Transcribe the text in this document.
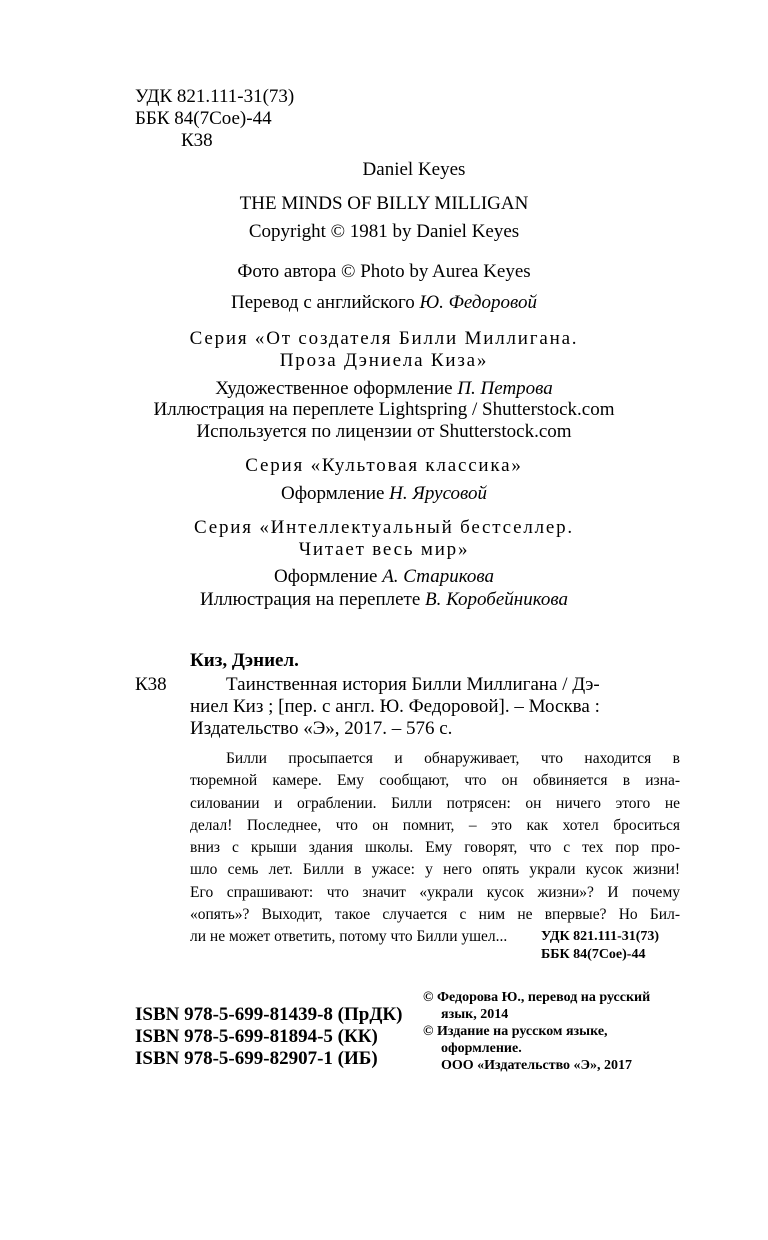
УДК 821.111-31(73)
ББК 84(7Сое)-44
К38
Daniel Keyes
THE MINDS OF BILLY MILLIGAN
Copyright © 1981 by Daniel Keyes
Фото автора © Photo by Aurea Keyes
Перевод с английского Ю. Федоровой
Серия «От создателя Билли Миллигана.
Проза Дэниела Киза»
Художественное оформление П. Петрова
Иллюстрация на переплете Lightspring / Shutterstock.com
Используется по лицензии от Shutterstock.com
Серия «Культовая классика»
Оформление Н. Ярусовой
Серия «Интеллектуальный бестселлер.
Читает весь мир»
Оформление А. Старикова
Иллюстрация на переплете В. Коробейникова
Киз, Дэниел.
К38	Таинственная история Билли Миллигана / Дэ-
ниел Киз ; [пер. с англ. Ю. Федоровой]. – Москва :
Издательство «Э», 2017. – 576 с.
Билли просыпается и обнаруживает, что находится в
тюремной камере. Ему сообщают, что он обвиняется в изна-
силовании и ограблении. Билли потрясен: он ничего этого не
делал! Последнее, что он помнит, – это как хотел броситься
вниз с крыши здания школы. Ему говорят, что с тех пор про-
шло семь лет. Билли в ужасе: у него опять украли кусок жизни!
Его спрашивают: что значит «украли кусок жизни»? И почему
«опять»? Выходит, такое случается с ним не впервые? Но Бил-
ли не может ответить, потому что Билли ушел...	УДК 821.111-31(73)
ББК 84(7Сое)-44
ISBN 978-5-699-81439-8 (ПрДК)
ISBN 978-5-699-81894-5 (КК)
ISBN 978-5-699-82907-1 (ИБ)
© Федорова Ю., перевод на русский
язык, 2014
© Издание на русском языке,
оформление.
ООО «Издательство «Э», 2017
